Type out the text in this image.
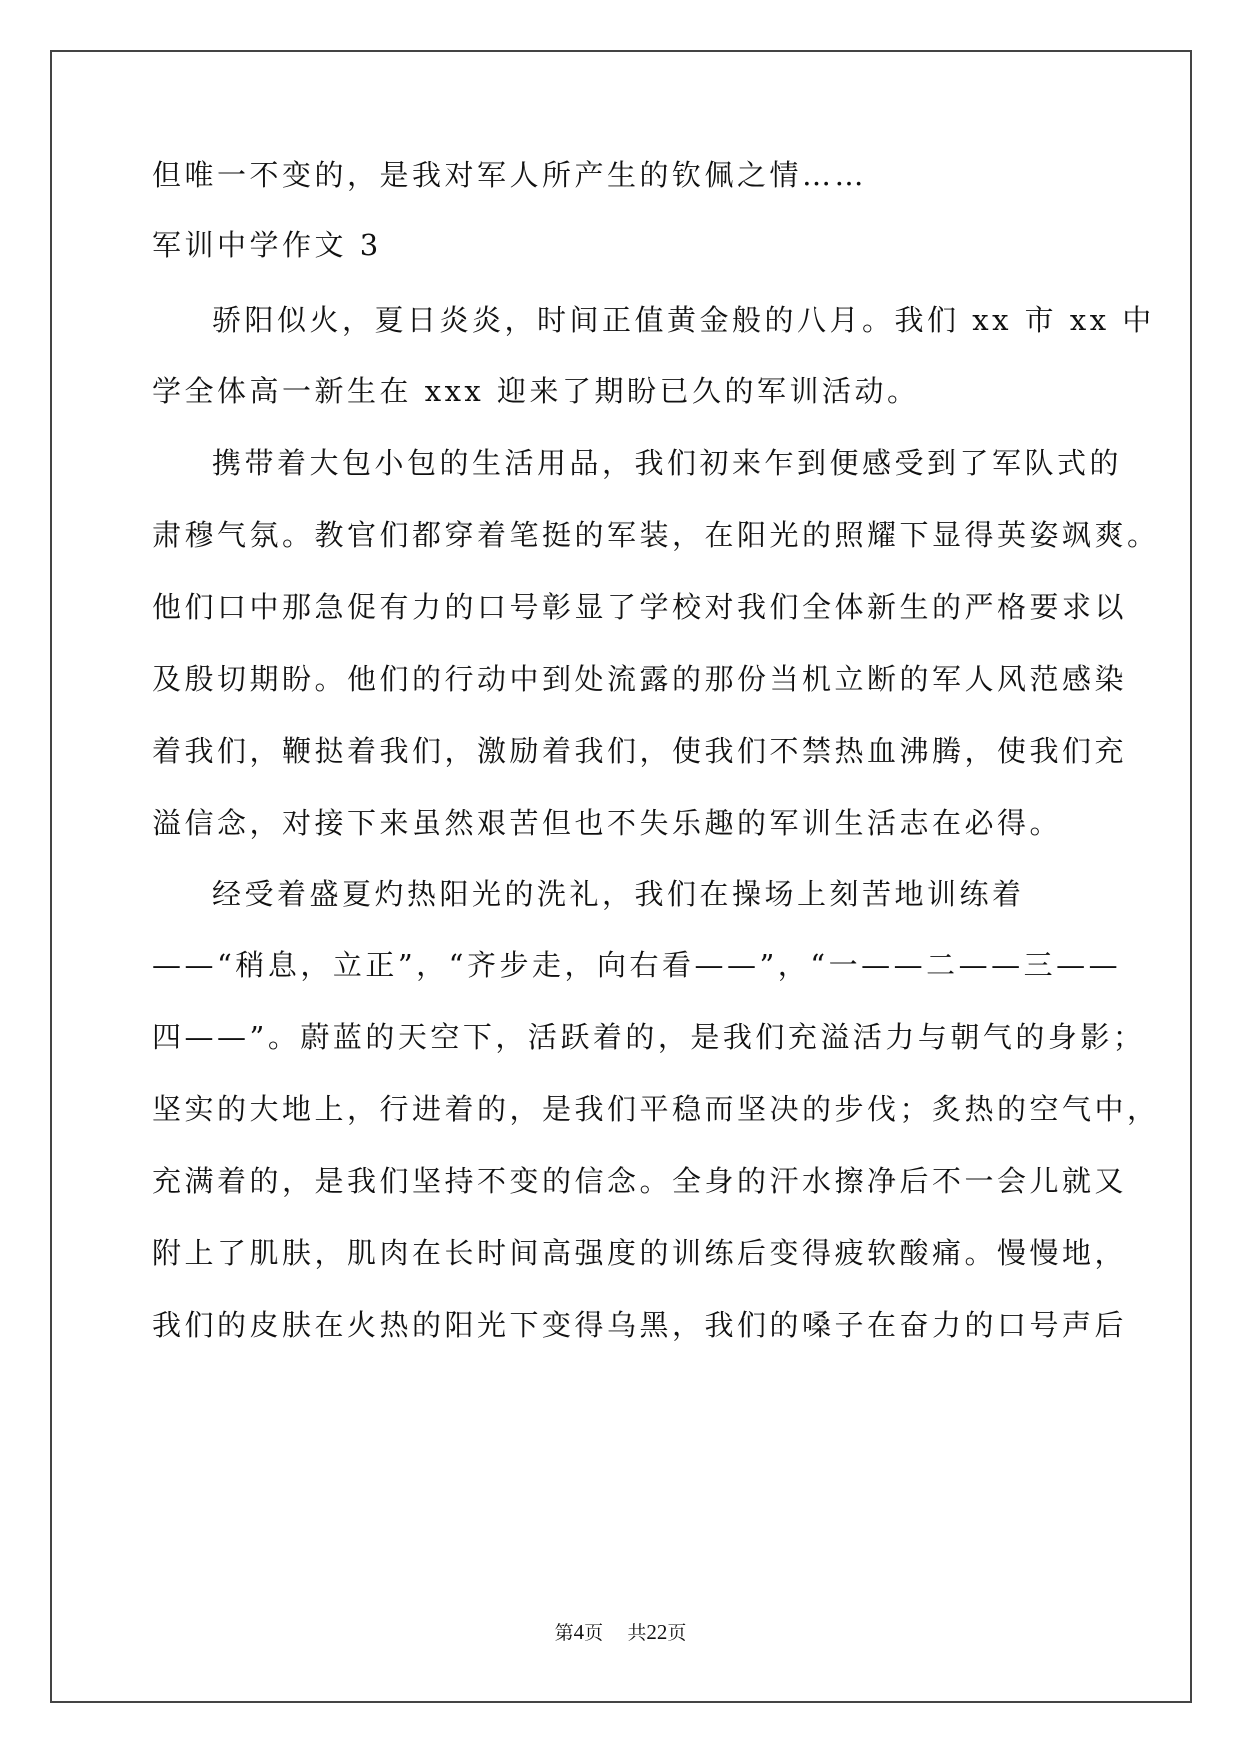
但唯一不变的，是我对军人所产生的钦佩之情……
军训中学作文 3
骄阳似火，夏日炎炎，时间正值黄金般的八月。我们 xx 市 xx 中
学全体高一新生在 xxx 迎来了期盼已久的军训活动。
携带着大包小包的生活用品，我们初来乍到便感受到了军队式的
肃穆气氛。教官们都穿着笔挺的军装，在阳光的照耀下显得英姿飒爽。
他们口中那急促有力的口号彰显了学校对我们全体新生的严格要求以
及殷切期盼。他们的行动中到处流露的那份当机立断的军人风范感染
着我们，鞭挞着我们，激励着我们，使我们不禁热血沸腾，使我们充
溢信念，对接下来虽然艰苦但也不失乐趣的军训生活志在必得。
经受着盛夏灼热阳光的洗礼，我们在操场上刻苦地训练着
——“稍息，立正”，“齐步走，向右看——”，“一——二——三——
四——”。蔚蓝的天空下，活跃着的，是我们充溢活力与朝气的身影；
坚实的大地上，行进着的，是我们平稳而坚决的步伐；炙热的空气中，
充满着的，是我们坚持不变的信念。全身的汗水擦净后不一会儿就又
附上了肌肤，肌肉在长时间高强度的训练后变得疲软酸痛。慢慢地，
我们的皮肤在火热的阳光下变得乌黑，我们的嗓子在奋力的口号声后
第4页 共22页
